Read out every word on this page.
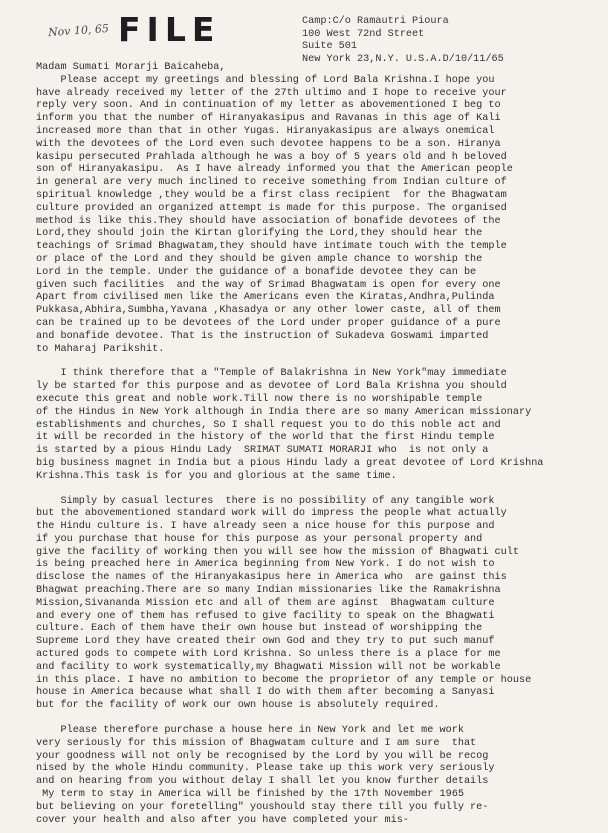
Nov 10, 65 FILE	Camp:C/o Ramautri Pioura
100 West 72nd Street
Suite 501
New York 23,N.Y. U.S.A.D/10/11/65
Madam Sumati Morarji Baicaheba,
Please accept my greetings and blessing of Lord Bala Krishna.I hope you
have already received my letter of the 27th ultimo and I hope to receive your
reply very soon. And in continuation of my letter as abovementioned I beg to
inform you that the number of Hiranyakasipus and Ravanas in this age of Kali
increased more than that in other Yugas. Hiranyakasipus are always onemical
with the devotees of the Lord even such devotee happens to be a son. Hiranya
kasipu persecuted Prahlada although he was a boy of 5 years old and h beloved
son of Hiranyakasipu.  As I have already informed you that the American people
in general are very much inclined to receive something from Indian culture of
spiritual knowledge ,they would be a first class recipient  for the Bhagwatam
culture provided an organized attempt is made for this purpose. The organised
method is like this.They should have association of bonafide devotees of the
Lord,they should join the Kirtan glorifying the Lord,they should hear the
teachings of Srimad Bhagwatam,they should have intimate touch with the temple
or place of the Lord and they should be given ample chance to worship the
Lord in the temple. Under the guidance of a bonafide devotee they can be
given such facilities  and the way of Srimad Bhagwatam is open for every one
Apart from civilised men like the Americans even the Kiratas,Andhra,Pulinda
Pukkasa,Abhira,Sumbha,Yavana ,Khasadya or any other lower caste, all of them
can be trained up to be devotees of the Lord under proper guidance of a pure
and bonafide devotee. That is the instruction of Sukadeva Goswami imparted
to Maharaj Parikshit.
I think therefore that a "Temple of Balakrishna in New York"may immediate
ly be started for this purpose and as devotee of Lord Bala Krishna you should
execute this great and noble work.Till now there is no worshipable temple
of the Hindus in New York although in India there are so many American missionary
establishments and churches, So I shall request you to do this noble act and
it will be recorded in the history of the world that the first Hindu temple
is started by a pious Hindu Lady  SRIMAT SUMATI MORARJI who  is not only a
big business magnet in India but a pious Hindu lady a great devotee of Lord Krishna
Krishna.This task is for you and glorious at the same time.
Simply by casual lectures  there is no possibility of any tangible work
but the abovementioned standard work will do impress the people what actually
the Hindu culture is. I have already seen a nice house for this purpose and
if you purchase that house for this purpose as your personal property and
give the facility of working then you will see how the mission of Bhagwati cult
is being preached here in America beginning from New York. I do not wish to
disclose the names of the Hiranyakasipus here in America who  are gainst this
Bhagwat preaching.There are so many Indian missionaries like the Ramakrishna
Mission,Sivananda Mission etc and all of them are aginst  Bhagwatam culture
and every one of them has refused to give facility to speak on the Bhagwati
culture. Each of them have their own house but instead of worshipping the
Supreme Lord they have created their own God and they try to put such manuf
actured gods to compete with Lord Krishna. So unless there is a place for me
and facility to work systematically,my Bhagwati Mission will not be workable
in this place. I have no ambition to become the proprietor of any temple or house
house in America because what shall I do with them after becoming a Sanyasi
but for the facility of work our own house is absolutely required.
Please therefore purchase a house here in New York and let me work
very seriously for this mission of Bhagwatam culture and I am sure  that
your goodness will not only be recognised by the Lord by you will be recog
nised by the whole Hindu community. Please take up this work very seriously
and on hearing from you without delay I shall let you know further details
My term to stay in America will be finished by the 17th November 1965
but believing on your foretelling" youshould stay there till you fully re-
cover your health and also after you have completed your mis-
